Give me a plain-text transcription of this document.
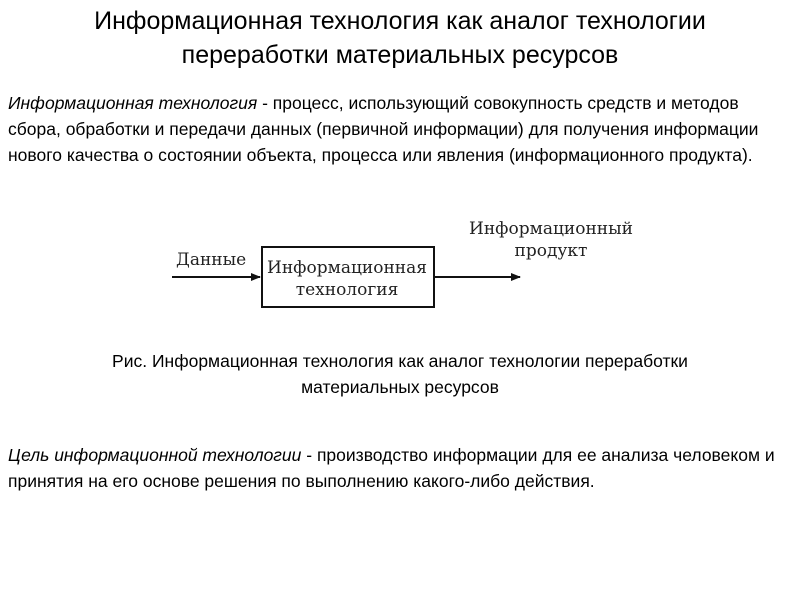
Информационная технология как аналог технологии
переработки материальных ресурсов
Информационная технология - процесс, использующий совокупность средств и методов сбора, обработки и передачи данных (первичной информации) для получения информации нового качества о состоянии объекта, процесса или явления (информационного продукта).
Данные Информационная
технология
Информационный
продукт
Рис. Информационная технология как аналог технологии переработки
материальных ресурсов
Цель информационной технологии - производство информации для ее анализа человеком и принятия на его основе решения по выполнению какого-либо действия.
